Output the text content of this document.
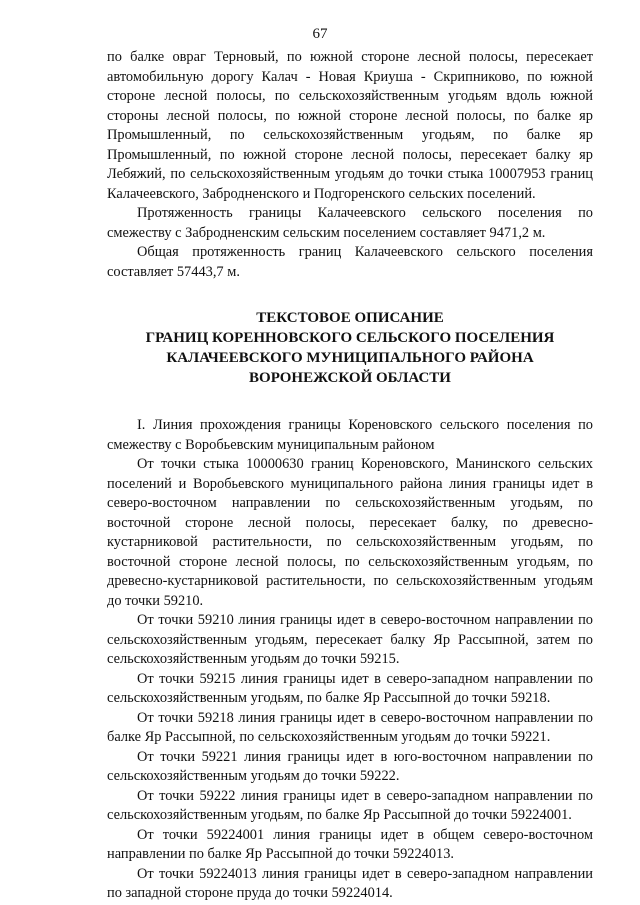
67

по балке овраг Терновый, по южной стороне лесной полосы, пересекает автомобильную дорогу Калач - Новая Криуша - Скрипниково, по южной стороне лесной полосы, по сельскохозяйственным угодьям вдоль южной стороны лесной полосы, по южной стороне лесной полосы, по балке яр Промышленный, по сельскохозяйственным угодьям, по балке яр Промышленный, по южной стороне лесной полосы, пересекает балку яр Лебяжий, по сельскохозяйственным угодьям до точки стыка 10007953 границ Калачеевского, Забродненского и Подгоренского сельских поселений.

Протяженность границы Калачеевского сельского поселения по смежеству с Забродненским сельским поселением составляет 9471,2 м.

Общая протяженность границ Калачеевского сельского поселения составляет 57443,7 м.

ТЕКСТОВОЕ ОПИСАНИЕ
ГРАНИЦ КОРЕННОВСКОГО СЕЛЬСКОГО ПОСЕЛЕНИЯ
КАЛАЧЕЕВСКОГО МУНИЦИПАЛЬНОГО РАЙОНА
ВОРОНЕЖСКОЙ ОБЛАСТИ

I. Линия прохождения границы Кореновского сельского поселения по смежеству с Воробьевским муниципальным районом

От точки стыка 10000630 границ Кореновского, Манинского сельских поселений и Воробьевского муниципального района линия границы идет в северо-восточном направлении по сельскохозяйственным угодьям, по восточной стороне лесной полосы, пересекает балку, по древесно-кустарниковой растительности, по сельскохозяйственным угодьям, по восточной стороне лесной полосы, по сельскохозяйственным угодьям, по древесно-кустарниковой растительности, по сельскохозяйственным угодьям до точки 59210.

От точки 59210 линия границы идет в северо-восточном направлении по сельскохозяйственным угодьям, пересекает балку Яр Рассыпной, затем по сельскохозяйственным угодьям до точки 59215.

От точки 59215 линия границы идет в северо-западном направлении по сельскохозяйственным угодьям, по балке Яр Рассыпной до точки 59218.

От точки 59218 линия границы идет в северо-восточном направлении по балке Яр Рассыпной, по сельскохозяйственным угодьям до точки 59221.

От точки 59221 линия границы идет в юго-восточном направлении по сельскохозяйственным угодьям до точки 59222.

От точки 59222 линия границы идет в северо-западном направлении по сельскохозяйственным угодьям, по балке Яр Рассыпной до точки 59224001.

От точки 59224001 линия границы идет в общем северо-восточном направлении по балке Яр Рассыпной до точки 59224013.

От точки 59224013 линия границы идет в северо-западном направлении по западной стороне пруда до точки 59224014.
